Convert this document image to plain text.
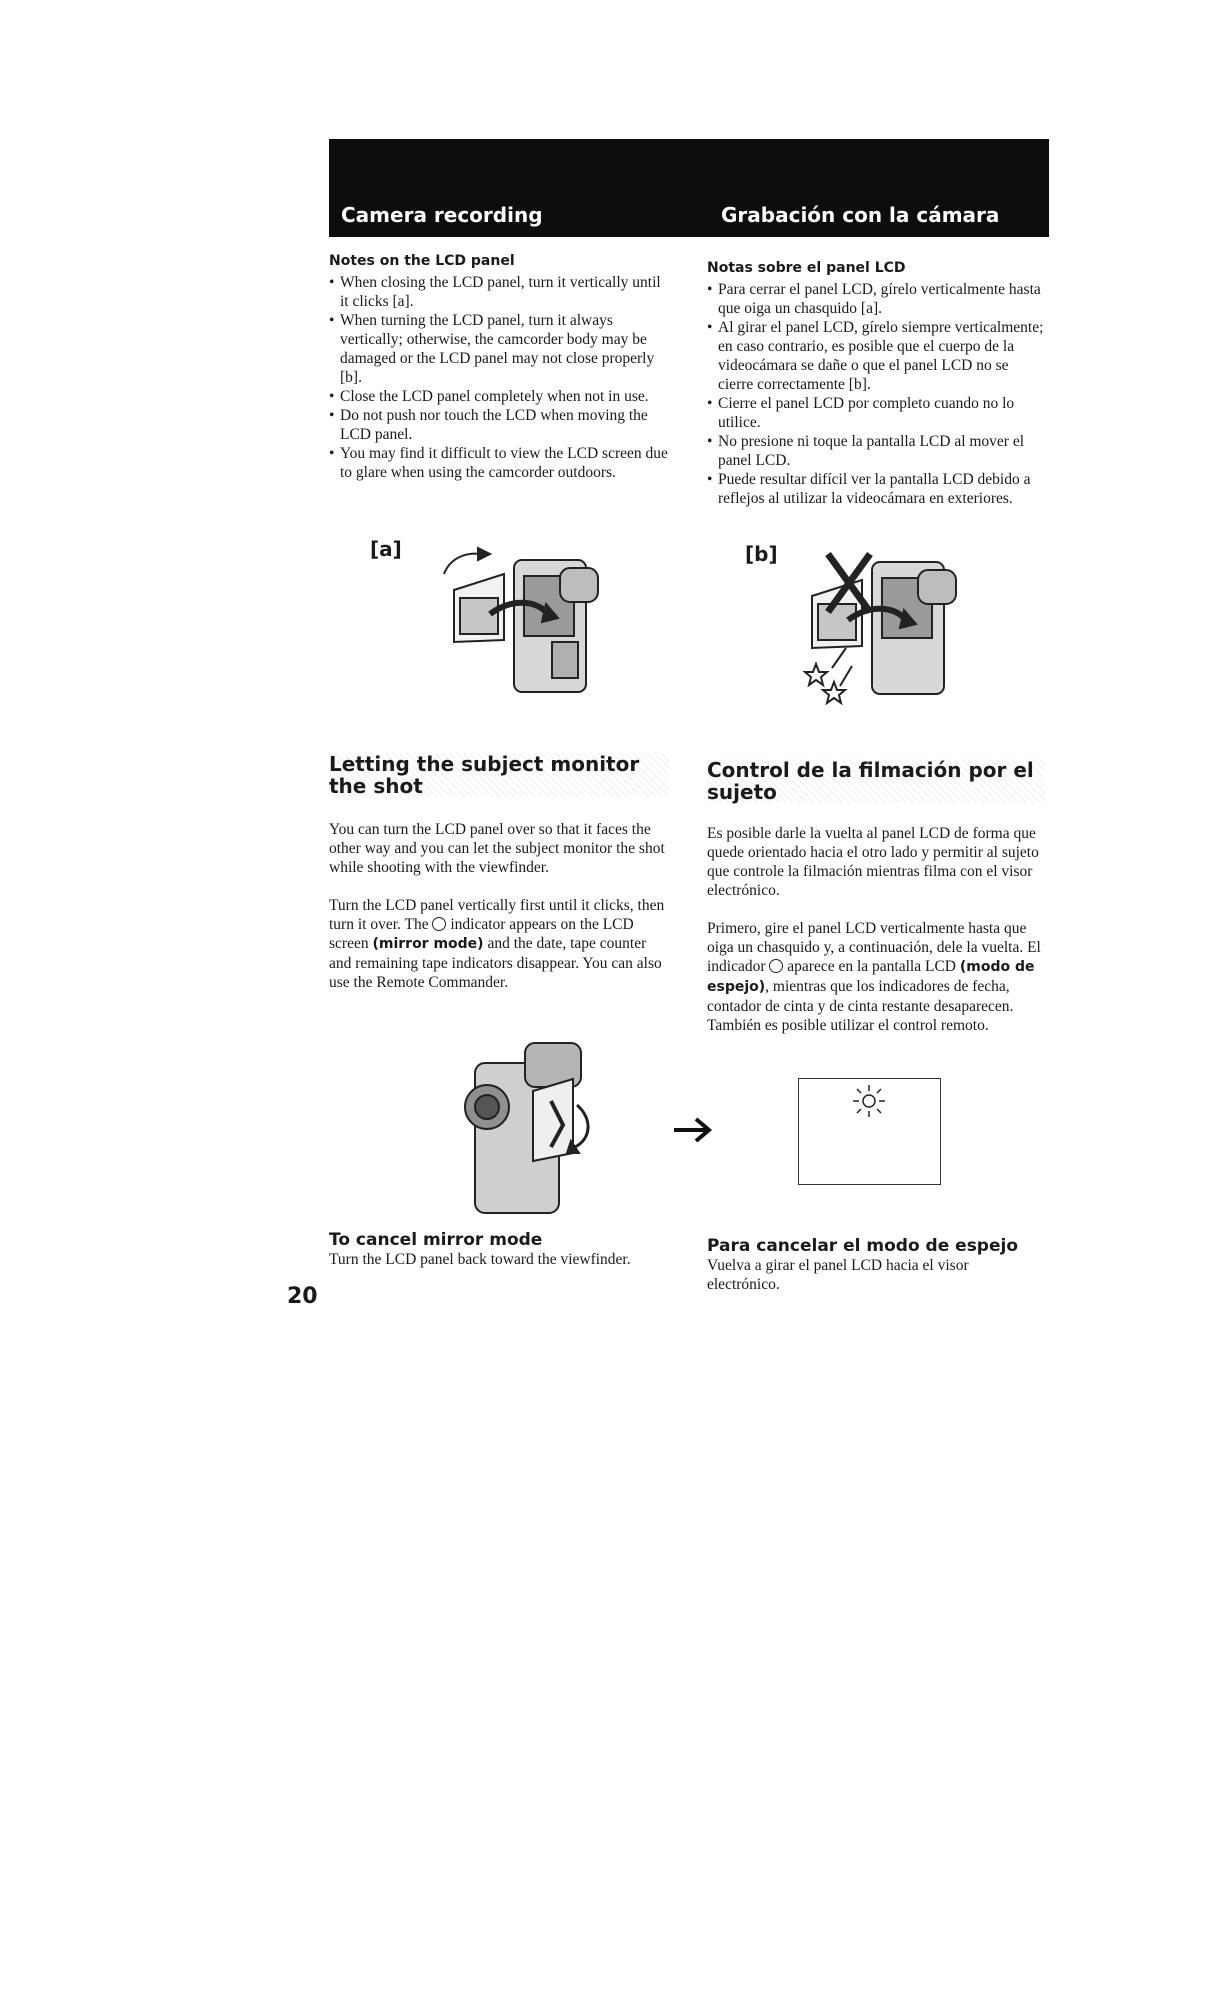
Camera recording	Grabación con la cámara
Notes on the LCD panel
• When closing the LCD panel, turn it vertically until it clicks [a].
• When turning the LCD panel, turn it always vertically; otherwise, the camcorder body may be damaged or the LCD panel may not close properly [b].
• Close the LCD panel completely when not in use.
• Do not push nor touch the LCD when moving the LCD panel.
• You may find it difficult to view the LCD screen due to glare when using the camcorder outdoors.
Notas sobre el panel LCD
• Para cerrar el panel LCD, gírelo verticalmente hasta que oiga un chasquido [a].
• Al girar el panel LCD, gírelo siempre verticalmente; en caso contrario, es posible que el cuerpo de la videocámara se dañe o que el panel LCD no se cierre correctamente [b].
• Cierre el panel LCD por completo cuando no lo utilice.
• No presione ni toque la pantalla LCD al mover el panel LCD.
• Puede resultar difícil ver la pantalla LCD debido a reflejos al utilizar la videocámara en exteriores.
[a]	[b]
Letting the subject monitor the shot

You can turn the LCD panel over so that it faces the other way and you can let the subject monitor the shot while shooting with the viewfinder.

Turn the LCD panel vertically first until it clicks, then turn it over. The  indicator appears on the LCD screen (mirror mode) and the date, tape counter and remaining tape indicators disappear. You can also use the Remote Commander.

Control de la filmación por el sujeto

Es posible darle la vuelta al panel LCD de forma que quede orientado hacia el otro lado y permitir al sujeto que controle la filmación mientras filma con el visor electrónico.

Primero, gire el panel LCD verticalmente hasta que oiga un chasquido y, a continuación, dele la vuelta. El indicador  aparece en la pantalla LCD (modo de espejo), mientras que los indicadores de fecha, contador de cinta y de cinta restante desaparecen.

También es posible utilizar el control remoto.

To cancel mirror mode

Turn the LCD panel back toward the viewfinder.

Para cancelar el modo de espejo

Vuelva a girar el panel LCD hacia el visor electrónico.

20
